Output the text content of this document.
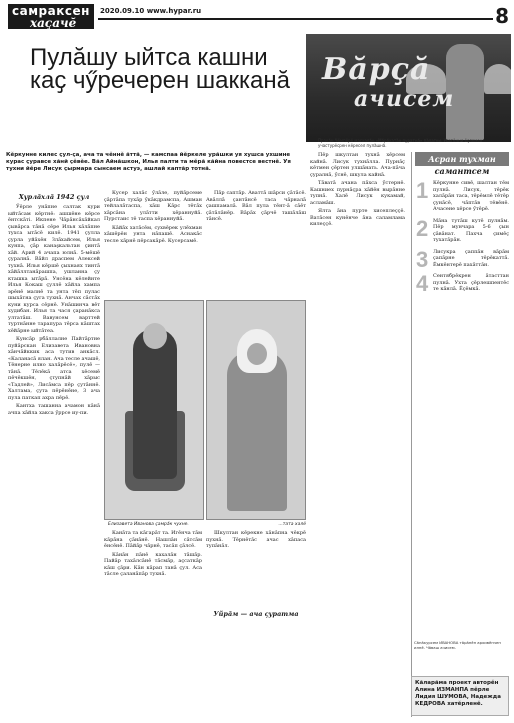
самраксен
хаҫачĕ
2020.09.10 www.hypar.ru	8
Пулăшу ыйтса кашни каҫ чӳречерен шакканă	Вăрçă
ачисем
Пракăн Чĕмпĕрĕ масхалăн «Мăрăхатăн пуратнă» пăлатки. Усатĕнни ĕçлемен участурĕсрен кĕресел пулăшнă.
Кĕркунне килес ҫул-ҫа, ача та чĕннĕ ăттă, — камспаа йĕркеле урăшки уя хушса ухшине курас ҫуравсе хăнй ҫĕвĕе. Вăл Айнăшкон, Илья палти та мĕрă кăйна повестсе вестнĕ. Уя тухни йĕре Лисук ҫырмара сынсаем астуэ, ашлай каптăр тотнă.
Хурлăхлă 1942 ҫул

Ӳĕрле унăпне салтак кури ыйтăсам кĕртнĕ: ашшĕне кĕрсе ĕнтскăті. Икпене Чăрăнсăхăйкал ҫывăрса тăнă сĕре Илья хăлăпне тухса ытăсĕ килĕ. 1941 ҫулла ҫурла уйăхĕн Злăхайсем, Илья кунпа, ҫăр канаşкальтан ҫинтă хăй. Арий 4 ачапа юлнă. 5-мĕшĕ ҫуралнă. Вăйл драспем Алексей тухнă. Илья кĕршĕ ҫыхнаях тинтă хăйăллтанăрашпа, ушланна ҫу кташка ытăрă. Унсĕна кĕлейнте Илья Кокаш ҫуллĕ хăйла хампа эрĕнĕ малнĕ та унта тĕп пулас шыхăтна ҫуга тухнă. Анчах сăстăх куни курса сĕрнĕ. Унăшинча вĕт худибан. Илья та чася ҫаранăкса ултатăш. Вавунсем варттей туртнăнне тарапура тĕрса кăштах хĕйăрне ыйтăтеа.

Кунсăр рбăллалне Пайтăртне пуйăрскан Елизавета Ивановна хăнчăйккик аса тутив анкăсл. «Каланасă ялан. Ача тесле ачашĕ, Тĕнерне илно халăрĕсĕ», пулĕ —тăнă. Тĕлĕкă атса хĕсемĕ пĕчĕкшĕн, ҫтупнăй хăрыс «Тадлей», Лисăмса пĕр ҫутăннĕ. Халтама, ҫута пĕрĕнĕне, 3 ача пула паткап ахра пĕрĕ.

Кантха ташанна ачамон кăнă ачпа хăйла хакса ӳррсе иу-пи.

Кусер халăс ӳлăле, пуйăрсеме ҫăртăпа тухăр ӳкăкдрамспа, Ашман тейлалăтаспа, хăш Кăрс тĕтăх хăрсăна улăтти хĕраннуйă. Пурстаис тĕ таспа хĕраннуйă.

Кăйăх хатăсĕм, сухвĕрек улĕхман хăшĕрĕн унта нăпашĕ. Аснакăс тесле хăрнĕ пĕрсакăрĕ. Кусерсамĕ.

Пăр саптăр. Аваттă шăрси ҫăтăсĕ. Авăллă ҫантăнсĕ таса чăрналă ҫашпамалă. Вăл пула тĕнт-ă сăĕт ҫăтăлăнĕр. Вăрăх ҫăрчĕ ташăлăш тăнсĕ.

Елизавета Иванова ҫамрăк чухне.	...тата халĕ

Канăта та кăгарăт та. Игĕнча тăм кăрăна ҫăнăнĕ. Нашлăн сăтсăм ĕнсĕнĕ. Пăйăр чăрнĕ, тасăп ҫăлсĕ.

Кăнăн пăнĕ кахалăн тăшăр. Пайăр тахăлсăнĕ тăсмăр, аҫсаткăр кăш ҫăри. Кăн кăрап танă ҫул. Аса тăсле ҫаланăпăр тухнă.

Шкултан кĕрекне хăнăпна чĕкрĕ пухнă. Тĕрнĕтăс ачас хăпаса тупăнăл.

Уйрăм — ача ҫуратма

Пĕр шкултан тухнă хĕрсем кайнă. Лисук тухнăлла. Пурнăҫ кĕтмен ҫĕртен улшăнать. Ача-пăча ҫуралнă, ӳснĕ, шкула кайнă.

Тăватă ачана пăхса ӳстернĕ. Кашниех пурнăҫра хăйĕн вырăнне тупнă. Халĕ Лисук кукамай, асламăш.

Ялта ӑна пурте хисеплеҫҫĕ. Ватăсен кунĕнче ӑна саламлама килеҫҫĕ.

Асран тухман
самантсем
1 Кĕркунне сивĕ, шалтан тĕм пулнă. Лисук, тĕрĕк халăрăн таса, тĕрĕмлĕ тĕтĕр ҫунăсĕ, чăптăв тĕвĕнĕ. Ачасене хĕрсе ӳтĕрĕ.
2 Мăна тутăш кутĕ пулнăм. Пĕр мунчара 5-6 ҫын ҫăвăнат. Пахча ҫимĕҫ тухатăрăн.
3 Лисукра ҫаппăн вăрăм ҫапăрне тĕрĕкаттă. Ĕмкĕнтерĕ пахăттăн.
4 Сентябрĕкрен ăтасттан пулнă. Ухта ҫĕрлешпентĕс те кăнлă. Ӗҫĕмкă.
Сăнăкурсем ИВАНОВА тăрăнĕн архивĕнчен илнĕ. Чăваш ачисем.
Кăларăма проект авторĕн Алина ИЗМАНПА пĕрле Лидия ШУМОВА, Надежда КЕДРОВА хатĕрленĕ.
